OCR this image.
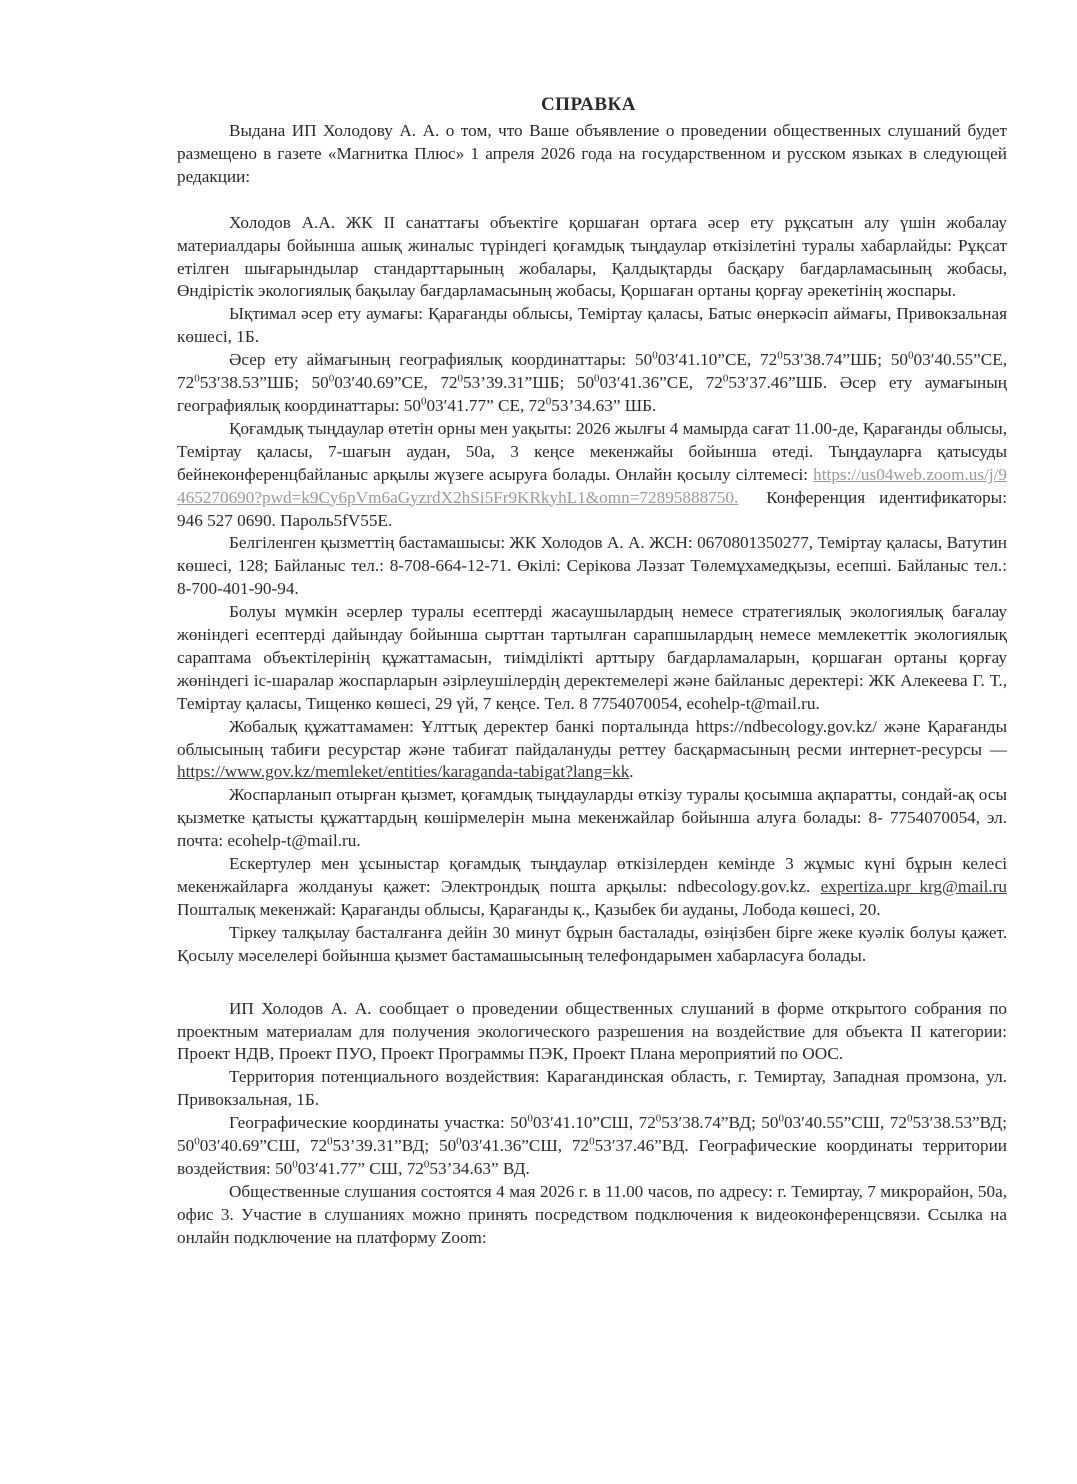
СПРАВКА

Выдана ИП Холодову А. А. о том, что Ваше объявление о проведении общественных слушаний будет размещено в газете «Магнитка Плюс» 1 апреля 2026 года на государственном и русском языках в следующей редакции:

Холодов А.А. ЖК II санаттағы объектіге қоршаған ортаға әсер ету рұқсатын алу үшін жобалау материалдары бойынша ашық жиналыс түріндегі қоғамдық тыңдаулар өткізілетіні туралы хабарлайды: Рұқсат етілген шығарындылар стандарттарының жобалары, Қалдықтарды басқару бағдарламасының жобасы, Өндірістік экологиялық бақылау бағдарламасының жобасы, Қоршаған ортаны қорғау әрекетінің жоспары.

Ықтимал әсер ету аумағы: Қарағанды облысы, Теміртау қаласы, Батыс өнеркәсіп аймағы, Привокзальная көшесі, 1Б.

Әсер ету аймағының географиялық координаттары: $50^003ʹ41.10”СЕ$, $72^053ʹ38.74”ШБ$; $50^003ʹ40.55”СЕ$, $72^053ʹ38.53”ШБ$; $50^003ʹ40.69”СЕ$, $72^053’39.31”ШБ$; $50^003ʹ41.36”СЕ$, $72^053ʹ37.46”ШБ$. Әсер ету аумағының географиялық координаттары: $50^003ʹ41.77$” СЕ, $72^053’34.63$” ШБ.

Қоғамдық тыңдаулар өтетін орны мен уақыты: 2026 жылғы 4 мамырда сағат 11.00-де, Қарағанды облысы, Теміртау қаласы, 7-шағын аудан, 50а, 3 кеңсе мекенжайы бойынша өтеді. Тыңдауларға қатысуды бейнеконференцбайланыс арқылы жүзеге асыруға болады. Онлайн қосылу сілтемесі: https://us04web.zoom.us/j/9465270690?pwd=k9Cy6pVm6aGyzrdX2hSi5Fr9KRkyhL1&omn=72895888750. Конференция идентификаторы: 946 527 0690. Пароль5fV55E.

Белгіленген қызметтің бастамашысы: ЖК Холодов А. А. ЖСН: 0670801350277, Теміртау қаласы, Ватутин көшесі, 128; Байланыс тел.: 8-708-664-12-71. Өкілі: Серікова Ләззат Төлемұхамедқызы, есепші. Байланыс тел.: 8-700-401-90-94.

Болуы мүмкін әсерлер туралы есептерді жасаушылардың немесе стратегиялық экологиялық бағалау жөніндегі есептерді дайындау бойынша сырттан тартылған сарапшылардың немесе мемлекеттік экологиялық сараптама объектілерінің құжаттамасын, тиімділікті арттыру бағдарламаларын, қоршаған ортаны қорғау жөніндегі іс-шаралар жоспарларын әзірлеушілердің деректемелері және байланыс деректері: ЖК Алекеева Г. Т., Теміртау қаласы, Тищенко көшесі, 29 үй, 7 кеңсе. Тел. 8 7754070054, ecohelp-t@mail.ru.

Жобалық құжаттамамен: Ұлттық деректер банкі порталында https://ndbecology.gov.kz/ және Қарағанды облысының табиғи ресурстар және табиғат пайдалануды реттеу басқармасының ресми интернет-ресурсы — https://www.gov.kz/memleket/entities/karaganda-tabigat?lang=kk.

Жоспарланып отырған қызмет, қоғамдық тыңдауларды өткізу туралы қосымша ақпаратты, сондай-ақ осы қызметке қатысты құжаттардың көшірмелерін мына мекенжайлар бойынша алуға болады: 8- 7754070054, эл. почта: ecohelp-t@mail.ru.

Ескертулер мен ұсыныстар қоғамдық тыңдаулар өткізілерден кемінде 3 жұмыс күні бұрын келесі мекенжайларға жолдануы қажет: Электрондық пошта арқылы: ndbecology.gov.kz. expertiza.upr_krg@mail.ru Пошталық мекенжай: Қарағанды облысы, Қарағанды қ., Қазыбек би ауданы, Лобода көшесі, 20.

Тіркеу талқылау басталғанға дейін 30 минут бұрын басталады, өзіңізбен бірге жеке куәлік болуы қажет. Қосылу мәселелері бойынша қызмет бастамашысының телефондарымен хабарласуға болады.

ИП Холодов А. А. сообщает о проведении общественных слушаний в форме открытого собрания по проектным материалам для получения экологического разрешения на воздействие для объекта II категории: Проект НДВ, Проект ПУО, Проект Программы ПЭК, Проект Плана мероприятий по ООС.

Территория потенциального воздействия: Карагандинская область, г. Темиртау, Западная промзона, ул. Привокзальная, 1Б.

Географические координаты участка: $50^003ʹ41.10”СШ$, $72^053ʹ38.74”ВД$; $50^003ʹ40.55”СШ$, $72^053ʹ38.53”ВД$; $50^003ʹ40.69”СШ$, $72^053’39.31”ВД$; $50^003ʹ41.36”СШ$, $72^053ʹ37.46”ВД$. Географические координаты территории воздействия: $50^003ʹ41.77$” СШ, $72^053’34.63$” ВД.

Общественные слушания состоятся 4 мая 2026 г. в 11.00 часов, по адресу: г. Темиртау, 7 микрорайон, 50а, офис 3. Участие в слушаниях можно принять посредством подключения к видеоконференцсвязи. Ссылка на онлайн подключение на платформу Zoom:
